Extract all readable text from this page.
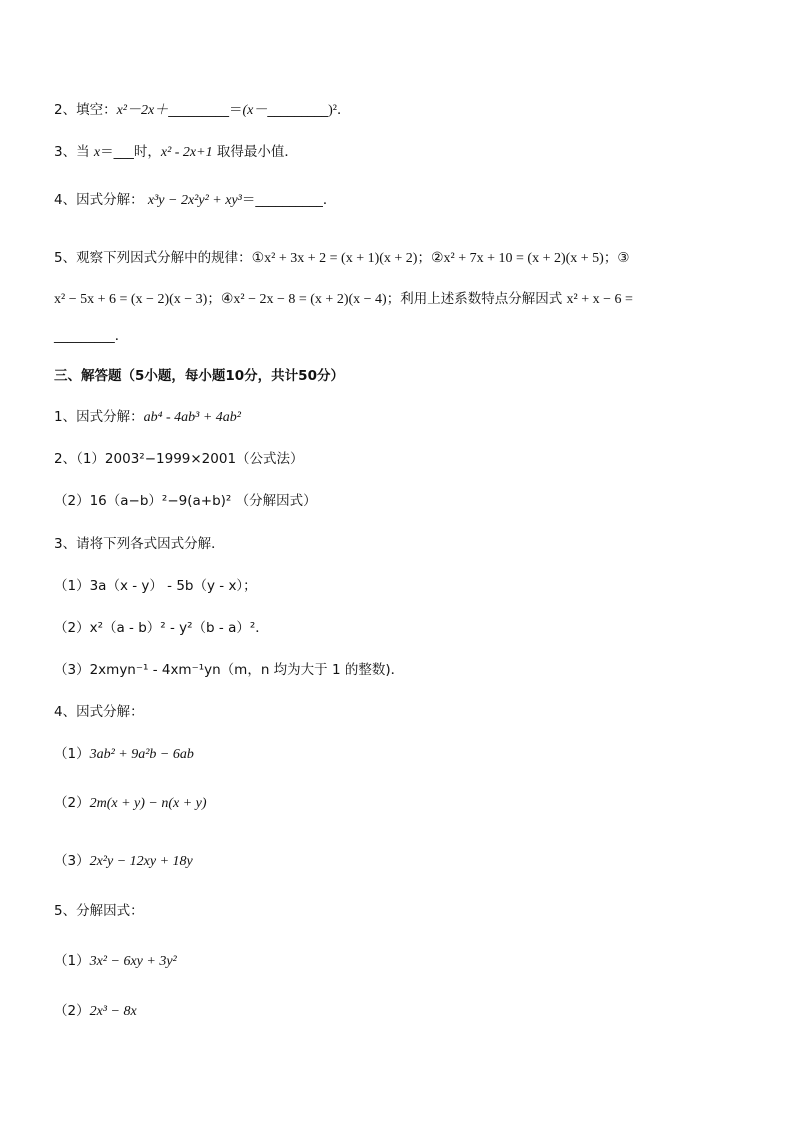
2、填空：x²－2x＋_________＝(x－_________)²．
3、当 x＝___时，x² - 2x+1 取得最小值．
4、因式分解： x³y − 2x²y² + xy³＝__________．
5、观察下列因式分解中的规律：①x² + 3x + 2 = (x + 1)(x + 2)；②x² + 7x + 10 = (x + 2)(x + 5)；③
x² − 5x + 6 = (x − 2)(x − 3)；④x² − 2x − 8 = (x + 2)(x − 4)；利用上述系数特点分解因式 x² + x − 6 =
_________．
三、解答题（5小题，每小题10分，共计50分）
1、因式分解：ab⁴ - 4ab³ + 4ab²
2、（1）2003²−1999×2001（公式法）
（2）16（a−b）²−9(a+b)² （分解因式）
3、请将下列各式因式分解．
（1）3a（x - y） - 5b（y - x）；
（2）x²（a - b）² - y²（b - a）²．
（3）2xmyn⁻¹ - 4xm⁻¹yn（m，n 均为大于 1 的整数)．
4、因式分解：
（1）3ab² + 9a²b − 6ab
（2）2m(x + y) − n(x + y)
（3）2x²y − 12xy + 18y
5、分解因式：
（1）3x² − 6xy + 3y²
（2）2x³ − 8x
